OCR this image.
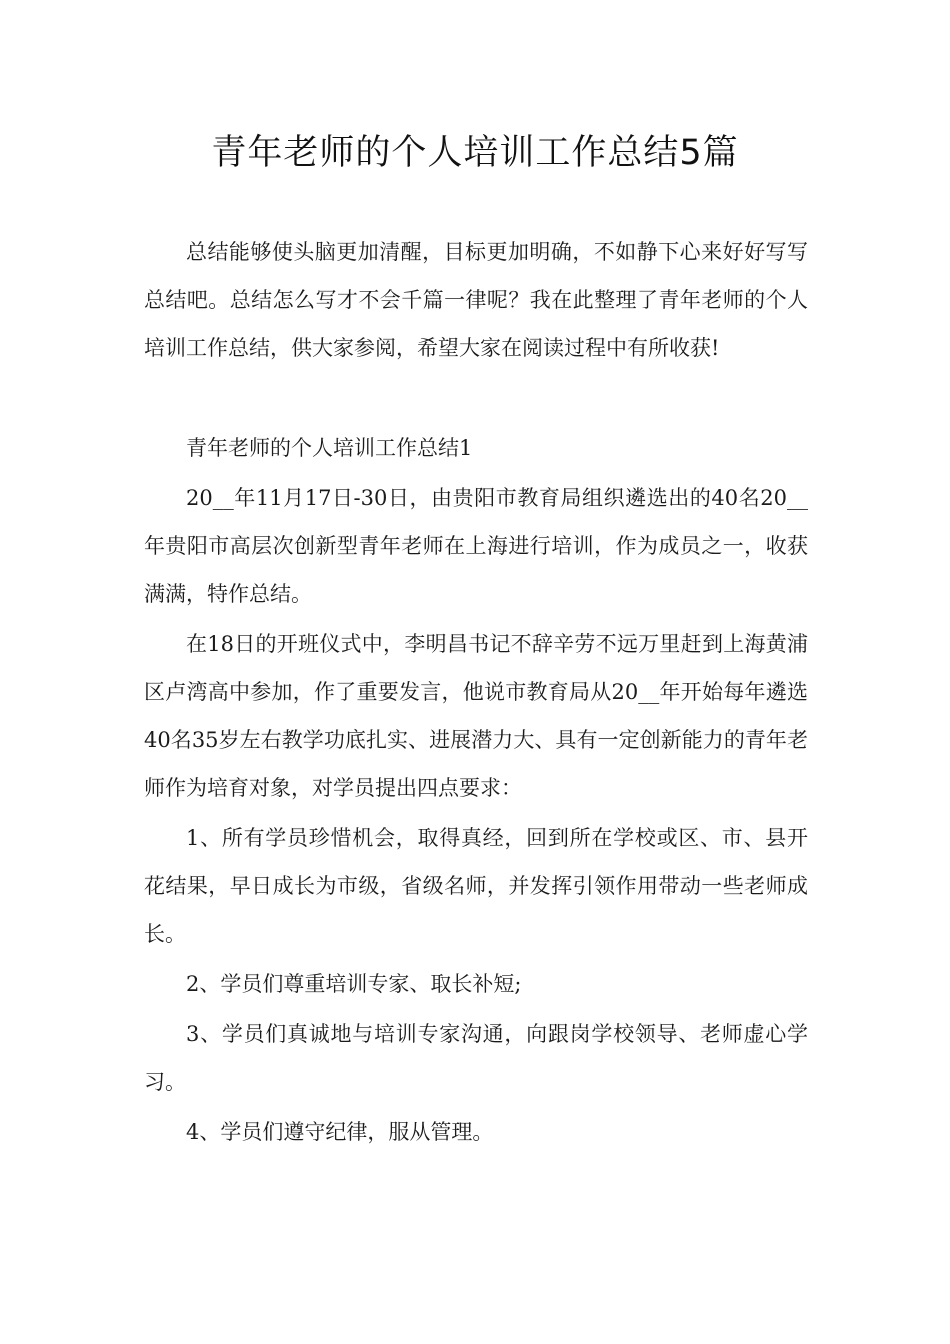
青年老师的个人培训工作总结5篇

总结能够使头脑更加清醒，目标更加明确，不如静下心来好好写写总结吧。总结怎么写才不会千篇一律呢？我在此整理了青年老师的个人培训工作总结，供大家参阅，希望大家在阅读过程中有所收获!

青年老师的个人培训工作总结1

20__年11月17日-30日，由贵阳市教育局组织遴选出的40名20__年贵阳市高层次创新型青年老师在上海进行培训，作为成员之一，收获满满，特作总结。

在18日的开班仪式中，李明昌书记不辞辛劳不远万里赶到上海黄浦区卢湾高中参加，作了重要发言，他说市教育局从20__年开始每年遴选40名35岁左右教学功底扎实、进展潜力大、具有一定创新能力的青年老师作为培育对象，对学员提出四点要求：

1、所有学员珍惜机会，取得真经，回到所在学校或区、市、县开花结果，早日成长为市级，省级名师，并发挥引领作用带动一些老师成长。

2、学员们尊重培训专家、取长补短;

3、学员们真诚地与培训专家沟通，向跟岗学校领导、老师虚心学习。

4、学员们遵守纪律，服从管理。
